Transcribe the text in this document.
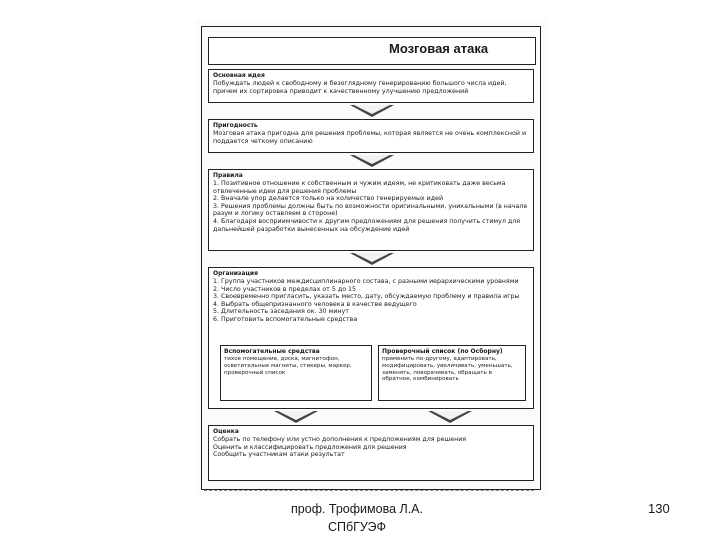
Мозговая атака
Основная идея
Побуждать людей к свободному и безоглядному генерированию большого числа идей, причем их сортировка приводит к качественному улучшению предложений
Пригодность
Мозговая атака пригодна для решения проблемы, которая является не очень комплексной и поддается четкому описанию
Правила
1. Позитивное отношение к собственным и чужим идеям, не критиковать даже весьма отвлеченные идеи для решения проблемы
2. Вначале упор делается только на количество генерируемых идей
3. Решения проблемы должны быть по возможности оригинальными, уникальными (в начале разум и логику оставляем в стороне)
4. Благодаря восприимчивости к другим предложениям для решения получить стимул для дальнейшей разработки вынесенных на обсуждение идей
Организация
1. Группа участников междисциплинарного состава, с разными иерархическими уровнями
2. Число участников в пределах от 5 до 15
3. Своевременно пригласить, указать место, дату, обсуждаемую проблему и правила игры
4. Выбрать общепризнанного человека в качестве ведущего
5. Длительность заседания ок. 30 минут
6. Приготовить вспомогательные средства
Вспомогательные средства
тихое помещение, доска, магнитофон, осветительные магниты, стикеры, маркер, проверочный список
Проверочный список (по Осборну)
применить по-другому, адаптировать, модифицировать, увеличивать, уменьшать, заменять, поворачивать, обращать в обратное, комбинировать
Оценка
Собрать по телефону или устно дополнения к предложениям для решения
Оценить и классифицировать предложения для решения
Сообщить участникам атаки результат
проф. Трофимова Л.А.
СПбГУЭФ
130
